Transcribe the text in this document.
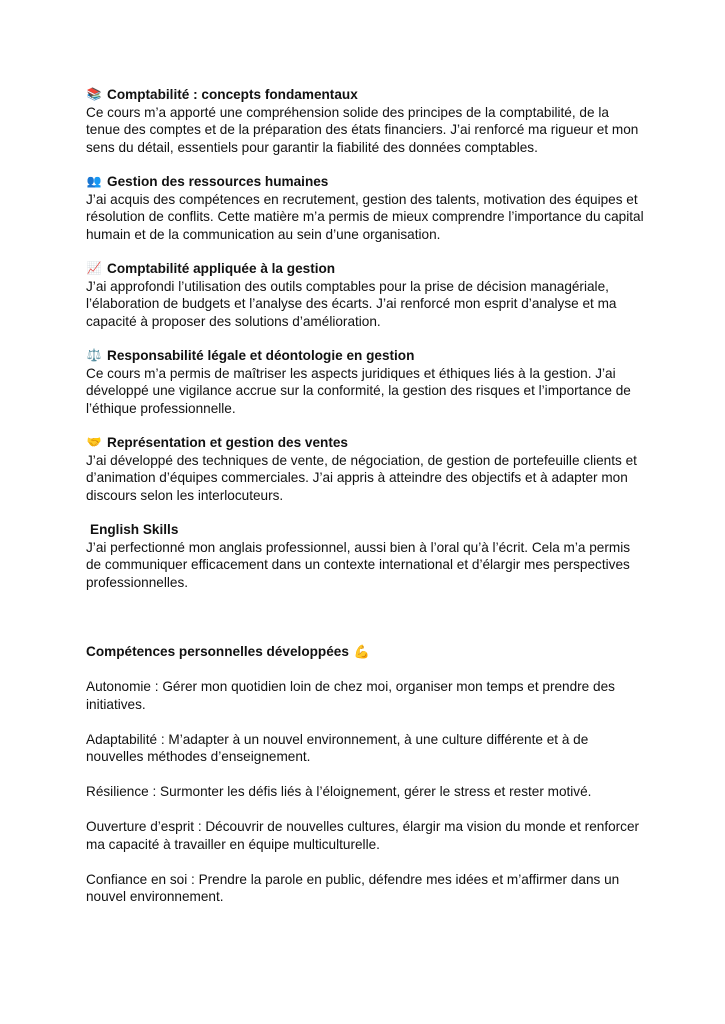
📚 Comptabilité : concepts fondamentaux

Ce cours m’a apporté une compréhension solide des principes de la comptabilité, de la tenue des comptes et de la préparation des états financiers. J’ai renforcé ma rigueur et mon sens du détail, essentiels pour garantir la fiabilité des données comptables.

👥 Gestion des ressources humaines

J’ai acquis des compétences en recrutement, gestion des talents, motivation des équipes et résolution de conflits. Cette matière m’a permis de mieux comprendre l’importance du capital humain et de la communication au sein d’une organisation.

📈 Comptabilité appliquée à la gestion

J’ai approfondi l’utilisation des outils comptables pour la prise de décision managériale, l’élaboration de budgets et l’analyse des écarts. J’ai renforcé mon esprit d’analyse et ma capacité à proposer des solutions d’amélioration.

⚖️ Responsabilité légale et déontologie en gestion

Ce cours m’a permis de maîtriser les aspects juridiques et éthiques liés à la gestion. J’ai développé une vigilance accrue sur la conformité, la gestion des risques et l’importance de l’éthique professionnelle.

🤝 Représentation et gestion des ventes

J’ai développé des techniques de vente, de négociation, de gestion de portefeuille clients et d’animation d’équipes commerciales. J’ai appris à atteindre des objectifs et à adapter mon discours selon les interlocuteurs.

English Skills

J’ai perfectionné mon anglais professionnel, aussi bien à l’oral qu’à l’écrit. Cela m’a permis de communiquer efficacement dans un contexte international et d’élargir mes perspectives professionnelles.

Compétences personnelles développées 💪

Autonomie : Gérer mon quotidien loin de chez moi, organiser mon temps et prendre des initiatives.

Adaptabilité : M’adapter à un nouvel environnement, à une culture différente et à de nouvelles méthodes d’enseignement.

Résilience : Surmonter les défis liés à l’éloignement, gérer le stress et rester motivé.

Ouverture d’esprit : Découvrir de nouvelles cultures, élargir ma vision du monde et renforcer ma capacité à travailler en équipe multiculturelle.

Confiance en soi : Prendre la parole en public, défendre mes idées et m’affirmer dans un nouvel environnement.
